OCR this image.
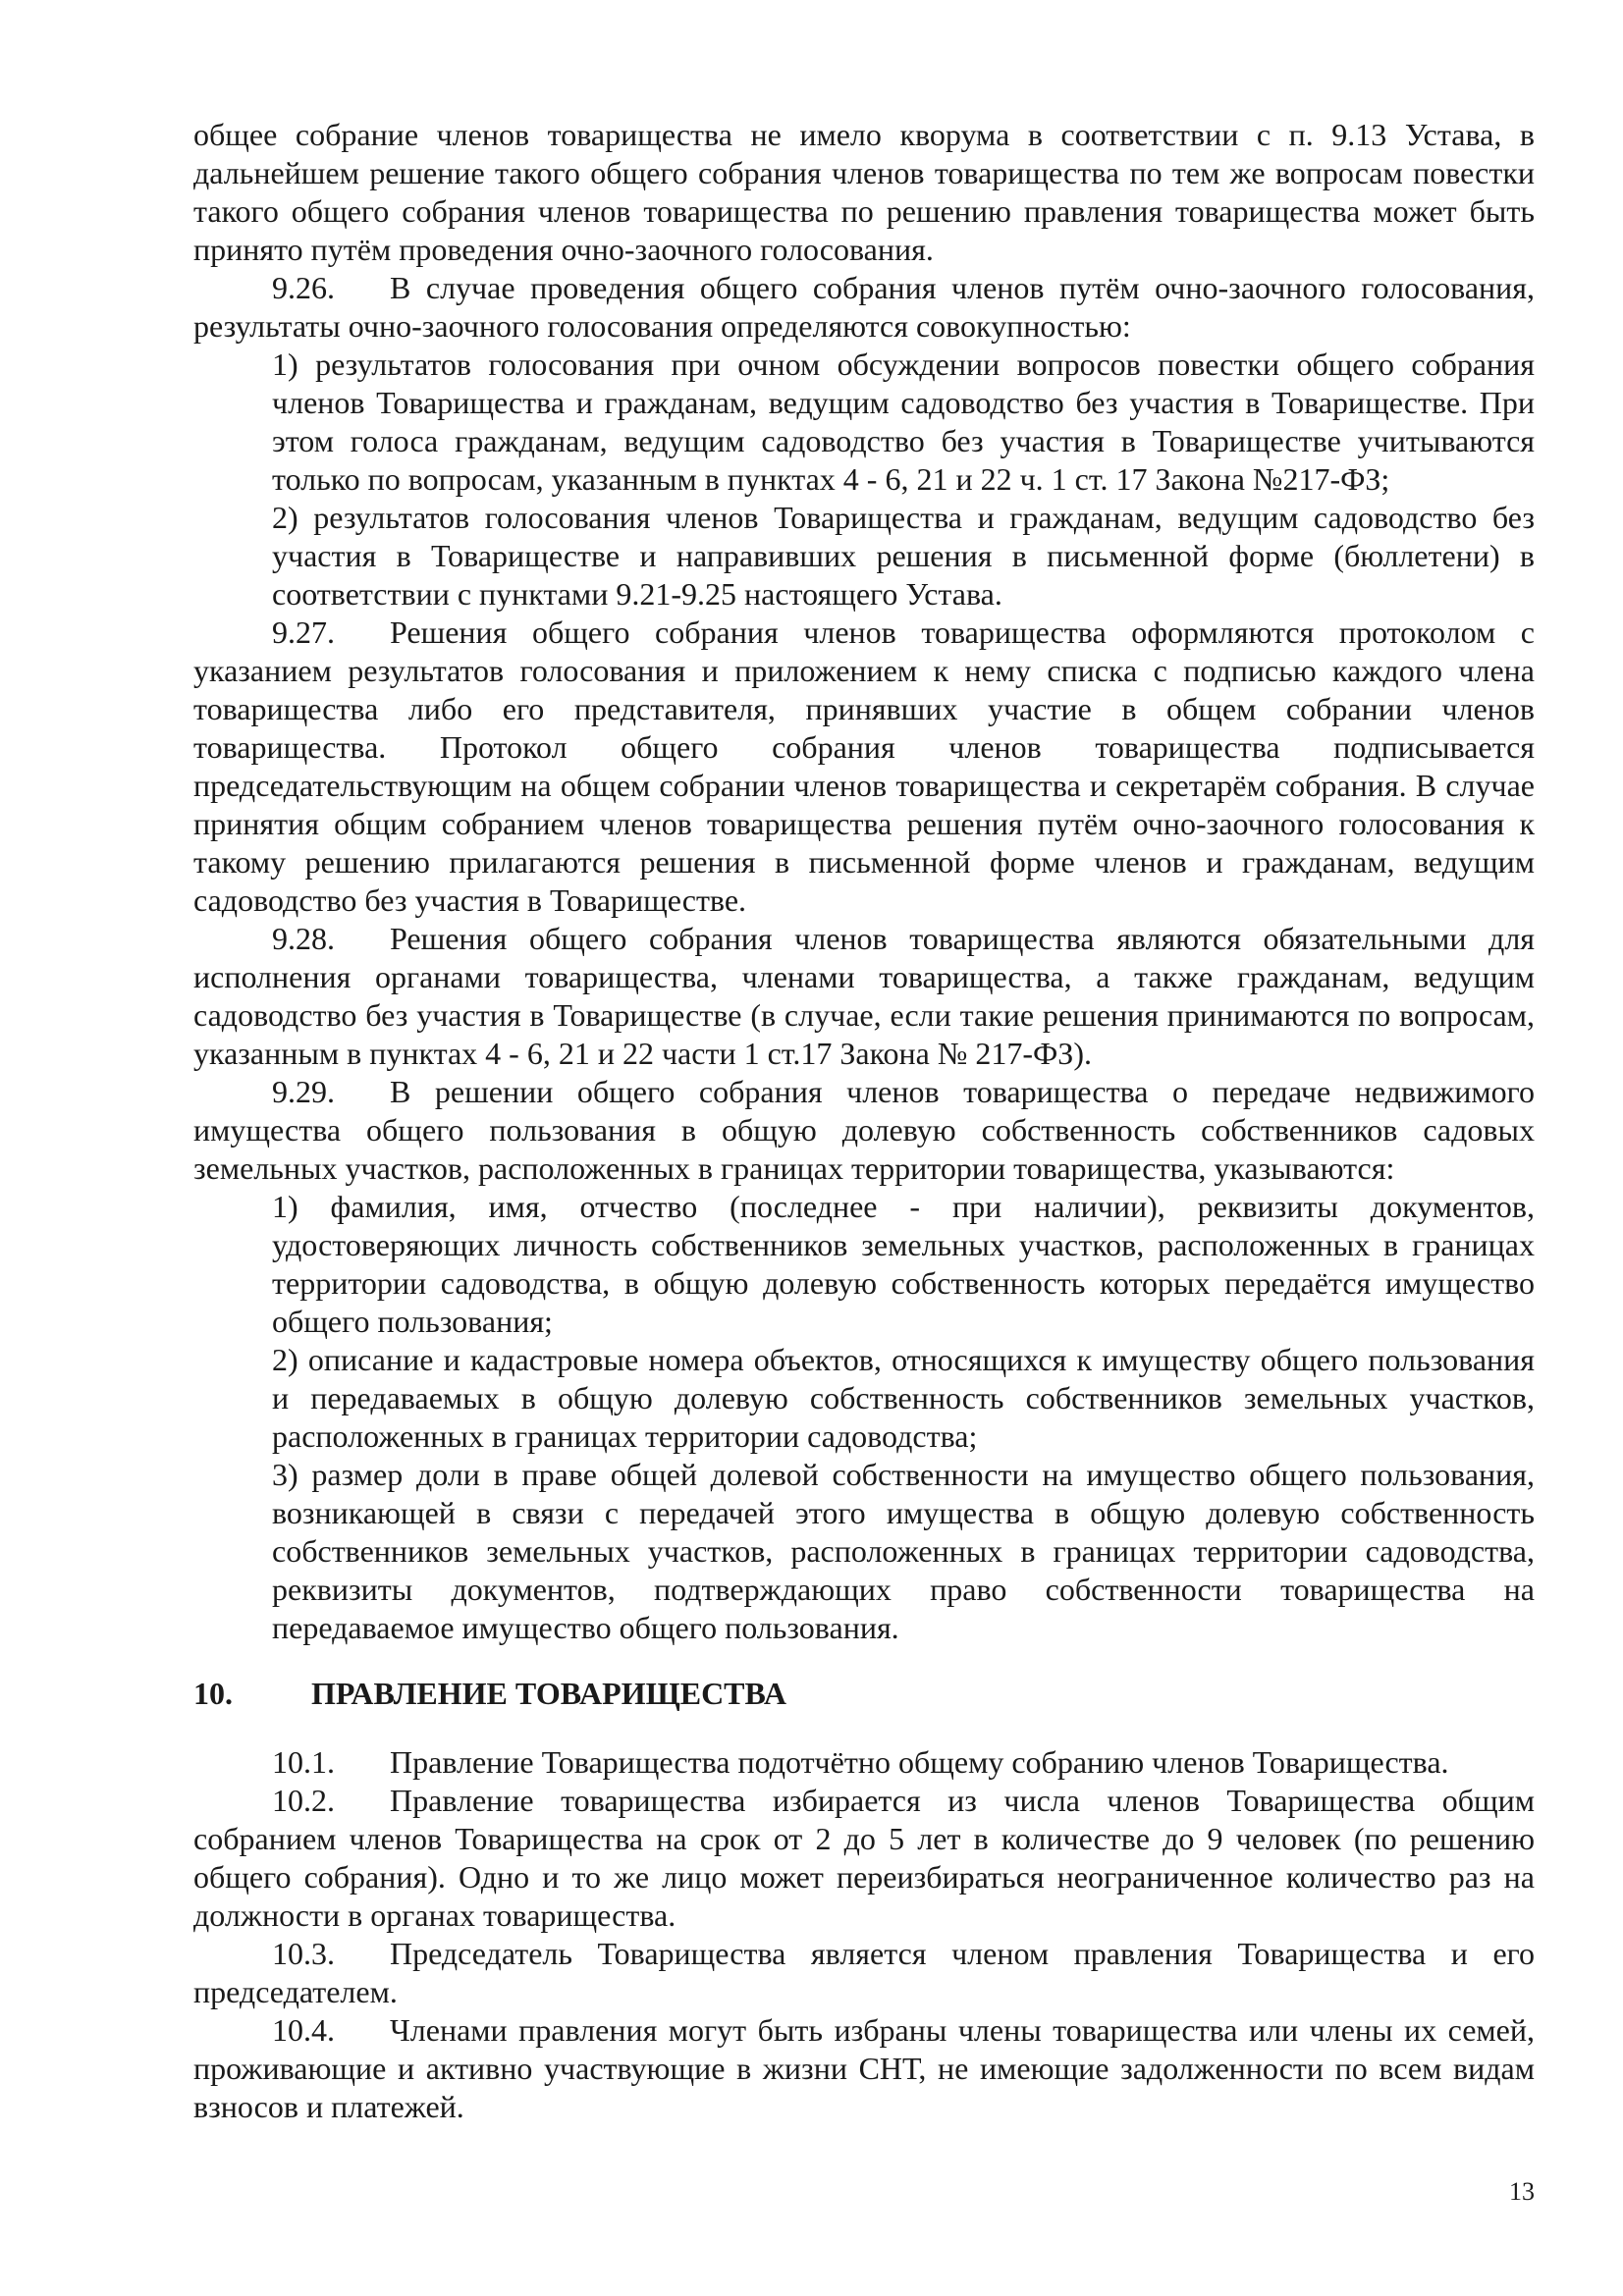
общее собрание членов товарищества не имело кворума в соответствии с п. 9.13 Устава, в дальнейшем решение такого общего собрания членов товарищества по тем же вопросам повестки такого общего собрания членов товарищества по решению правления товарищества может быть принято путём проведения очно-заочного голосования.

9.26. В случае проведения общего собрания членов путём очно-заочного голосования, результаты очно-заочного голосования определяются совокупностью:

1) результатов голосования при очном обсуждении вопросов повестки общего собрания членов Товарищества и гражданам, ведущим садоводство без участия в Товариществе. При этом голоса гражданам, ведущим садоводство без участия в Товариществе учитываются только по вопросам, указанным в пунктах 4 - 6, 21 и 22 ч. 1 ст. 17 Закона №217-ФЗ;

2) результатов голосования членов Товарищества и гражданам, ведущим садоводство без участия в Товариществе и направивших решения в письменной форме (бюллетени) в соответствии с пунктами 9.21-9.25 настоящего Устава.

9.27. Решения общего собрания членов товарищества оформляются протоколом с указанием результатов голосования и приложением к нему списка с подписью каждого члена товарищества либо его представителя, принявших участие в общем собрании членов товарищества. Протокол общего собрания членов товарищества подписывается председательствующим на общем собрании членов товарищества и секретарём собрания. В случае принятия общим собранием членов товарищества решения путём очно-заочного голосования к такому решению прилагаются решения в письменной форме членов и гражданам, ведущим садоводство без участия в Товариществе.

9.28. Решения общего собрания членов товарищества являются обязательными для исполнения органами товарищества, членами товарищества, а также гражданам, ведущим садоводство без участия в Товариществе (в случае, если такие решения принимаются по вопросам, указанным в пунктах 4 - 6, 21 и 22 части 1 ст.17 Закона № 217-ФЗ).

9.29. В решении общего собрания членов товарищества о передаче недвижимого имущества общего пользования в общую долевую собственность собственников садовых земельных участков, расположенных в границах территории товарищества, указываются:

1) фамилия, имя, отчество (последнее - при наличии), реквизиты документов, удостоверяющих личность собственников земельных участков, расположенных в границах территории садоводства, в общую долевую собственность которых передаётся имущество общего пользования;

2) описание и кадастровые номера объектов, относящихся к имуществу общего пользования и передаваемых в общую долевую собственность собственников земельных участков, расположенных в границах территории садоводства;

3) размер доли в праве общей долевой собственности на имущество общего пользования, возникающей в связи с передачей этого имущества в общую долевую собственность собственников земельных участков, расположенных в границах территории садоводства, реквизиты документов, подтверждающих право собственности товарищества на передаваемое имущество общего пользования.

10.	ПРАВЛЕНИЕ ТОВАРИЩЕСТВА

10.1. Правление Товарищества подотчётно общему собранию членов Товарищества.

10.2. Правление товарищества избирается из числа членов Товарищества общим собранием членов Товарищества на срок от 2 до 5 лет в количестве до 9 человек (по решению общего собрания). Одно и то же лицо может переизбираться неограниченное количество раз на должности в органах товарищества.

10.3. Председатель Товарищества является членом правления Товарищества и его председателем.

10.4. Членами правления могут быть избраны члены товарищества или члены их семей, проживающие и активно участвующие в жизни СНТ, не имеющие задолженности по всем видам взносов и платежей.

13
